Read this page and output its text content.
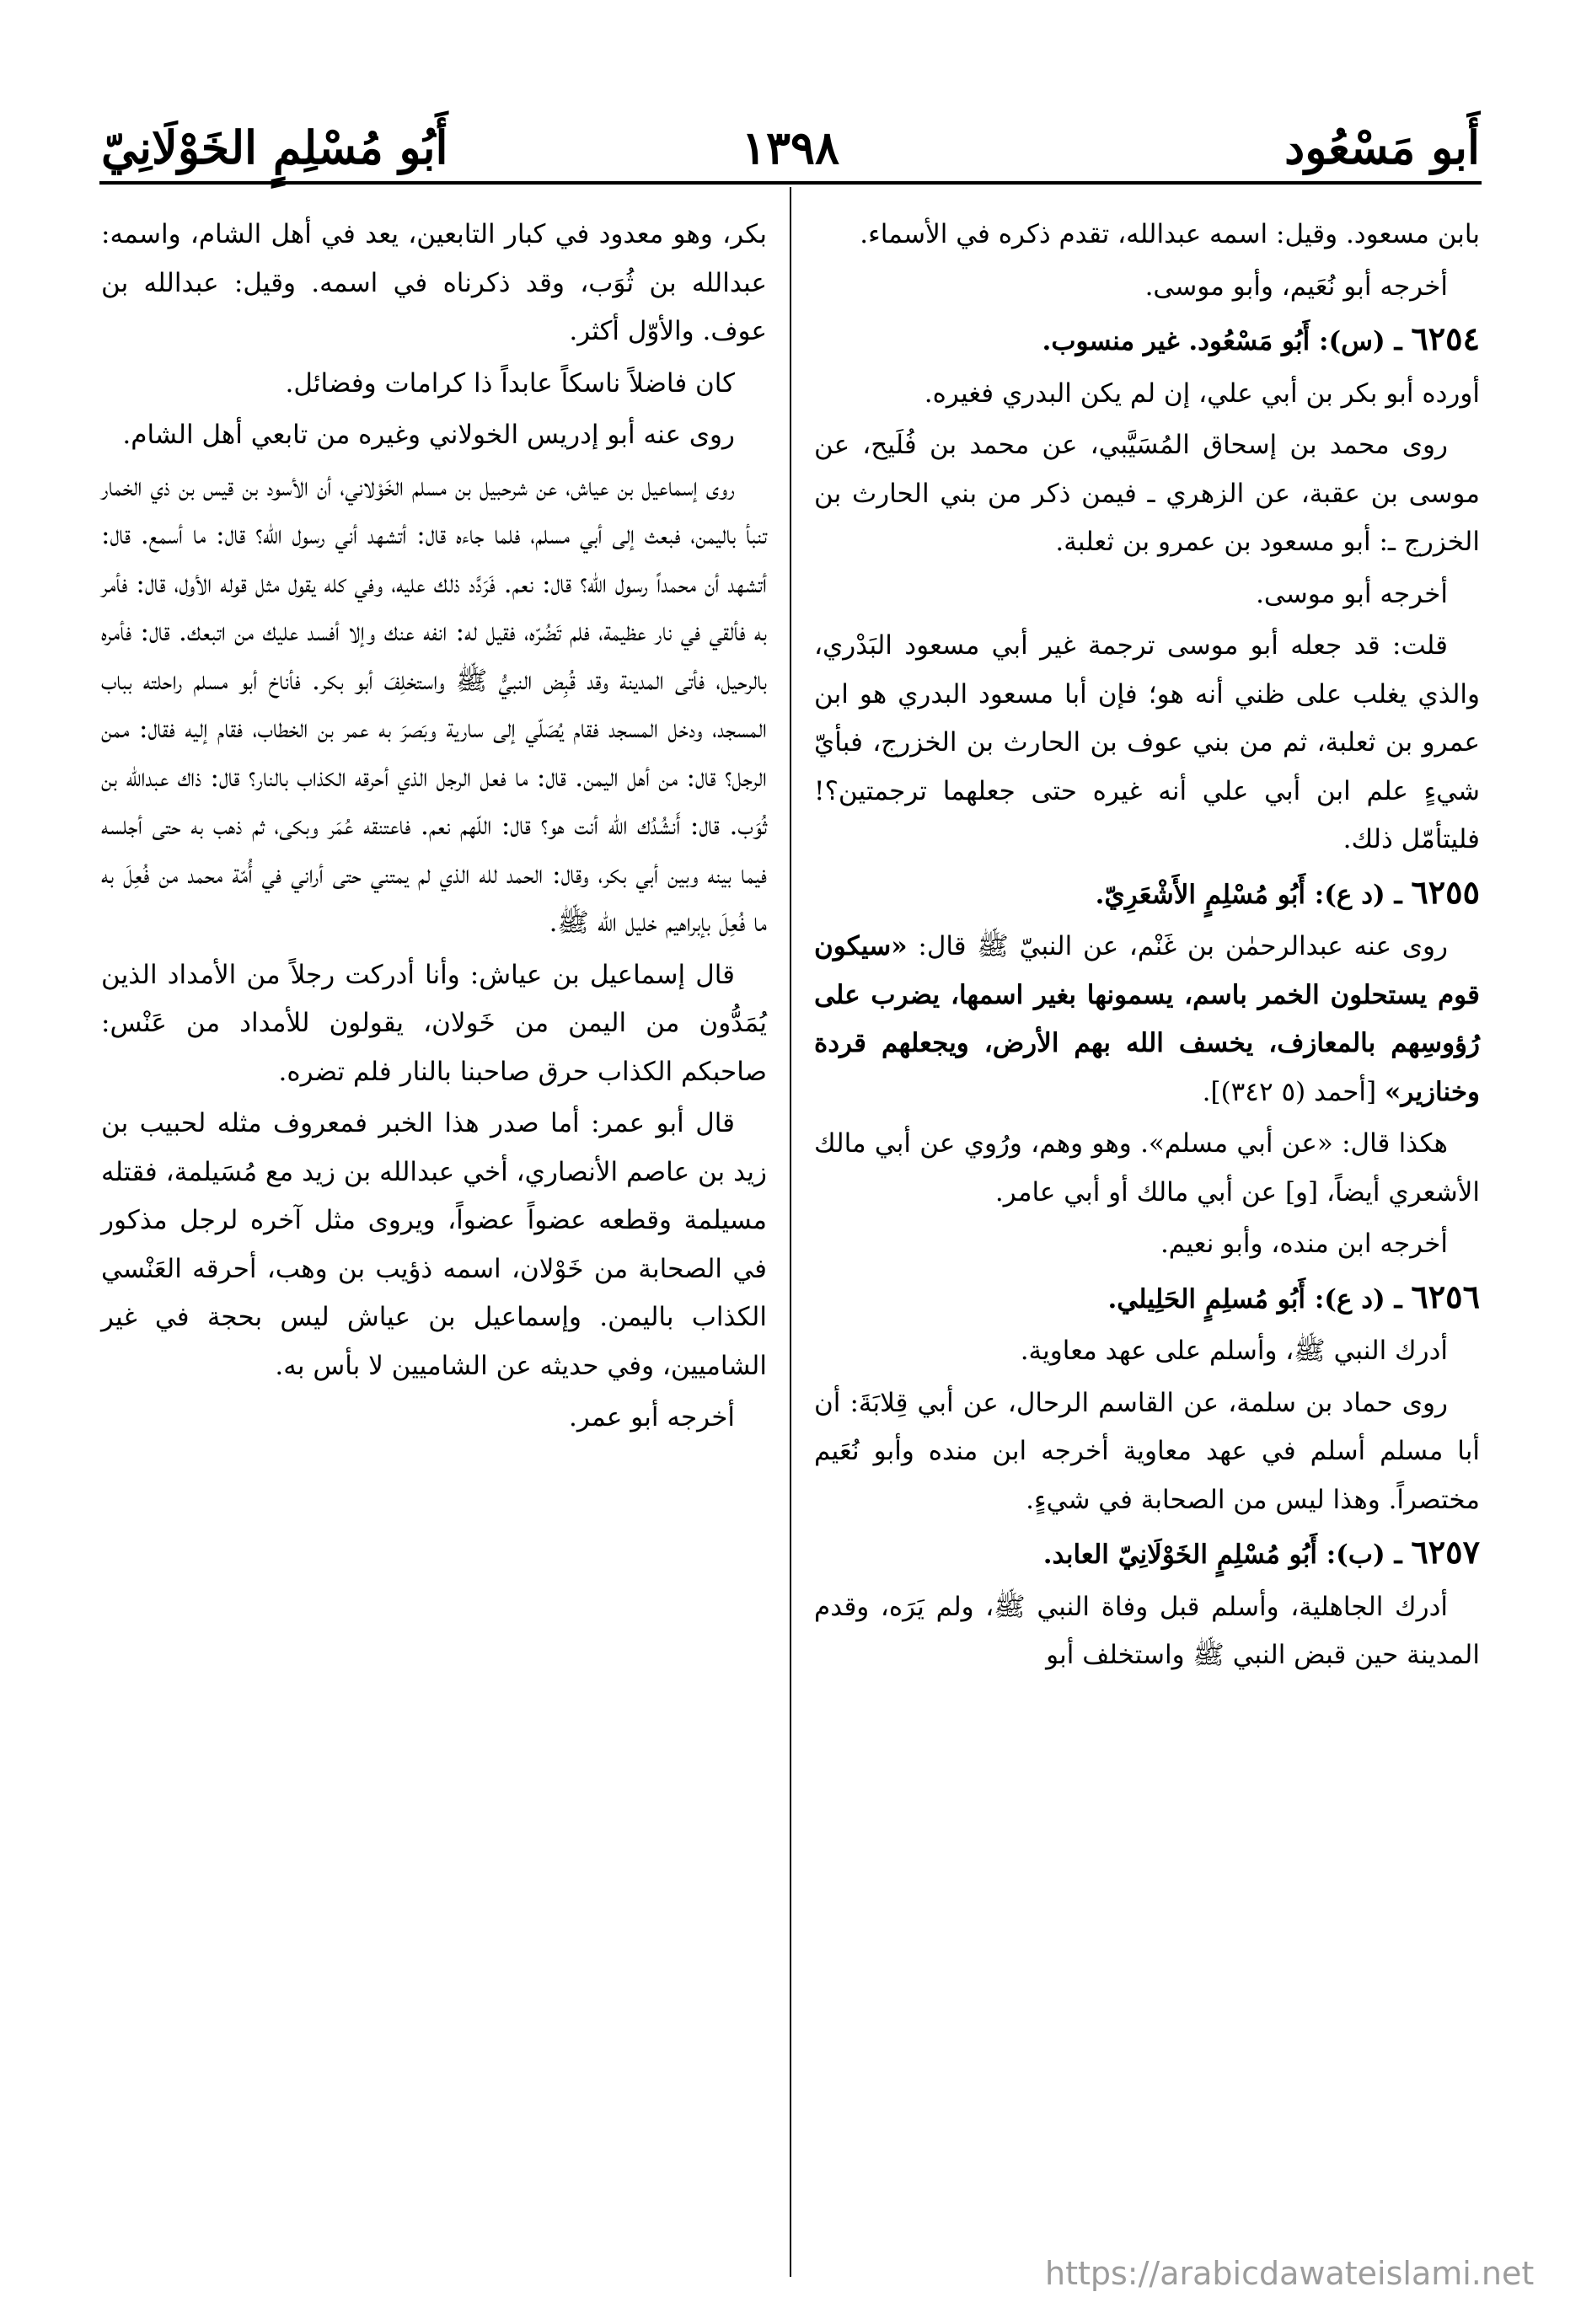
أَبو مَسْعُود
١٣٩٨
أَبُو مُسْلِمٍ الخَوْلَانِيّ

بابن مسعود. وقيل: اسمه عبدالله، تقدم ذكره في الأسماء.

أخرجه أبو نُعَيم، وأبو موسى.

٦٢٥٤ ـ (س): أَبُو مَسْعُود. غير منسوب.

أورده أبو بكر بن أبي علي، إن لم يكن البدري فغيره.

روى محمد بن إسحاق المُسَيَّبي، عن محمد بن فُلَيح، عن موسى بن عقبة، عن الزهري ـ فيمن ذكر من بني الحارث بن الخزرج ـ: أبو مسعود بن عمرو بن ثعلبة.

أخرجه أبو موسى.

قلت: قد جعله أبو موسى ترجمة غير أبي مسعود البَدْري، والذي يغلب على ظني أنه هو؛ فإن أبا مسعود البدري هو ابن عمرو بن ثعلبة، ثم من بني عوف بن الحارث بن الخزرج، فبأيّ شيءٍ علم ابن أبي علي أنه غيره حتى جعلهما ترجمتين؟! فليتأمّل ذلك.

٦٢٥٥ ـ (د ع): أَبُو مُسْلِمٍ الأَشْعَرِيّ.

روى عنه عبدالرحمٰن بن غَنْم، عن النبيّ ﷺ قال: «سيكون قوم يستحلون الخمر باسم، يسمونها بغير اسمها، يضرب على رُؤوسِهم بالمعازف، يخسف الله بهم الأرض، ويجعلهم قردة وخنازير» [أحمد (٥ ٣٤٢)].

هكذا قال: «عن أبي مسلم». وهو وهم، ورُوي عن أبي مالك الأشعري أيضاً، [و] عن أبي مالك أو أبي عامر.

أخرجه ابن منده، وأبو نعيم.

٦٢٥٦ ـ (د ع): أَبُو مُسلِمٍ الحَلِيلي.

أدرك النبي ﷺ، وأسلم على عهد معاوية.

روى حماد بن سلمة، عن القاسم الرحال، عن أبي قِلابَةَ: أن أبا مسلم أسلم في عهد معاوية أخرجه ابن منده وأبو نُعَيم مختصراً. وهذا ليس من الصحابة في شيءٍ.

٦٢٥٧ ـ (ب): أَبُو مُسْلِمٍ الخَوْلَانِيّ العابد.

أدرك الجاهلية، وأسلم قبل وفاة النبي ﷺ، ولم يَرَه، وقدم المدينة حين قبض النبي ﷺ واستخلف أبو

بكر، وهو معدود في كبار التابعين، يعد في أهل الشام، واسمه: عبدالله بن ثُوَب، وقد ذكرناه في اسمه. وقيل: عبدالله بن عوف. والأوّل أكثر.

كان فاضلاً ناسكاً عابداً ذا كرامات وفضائل.

روى عنه أبو إدريس الخولاني وغيره من تابعي أهل الشام.

روى إسماعيل بن عياش، عن شرحبيل بن مسلم الخَوْلاني، أن الأسود بن قيس بن ذي الخمار تنبأ باليمن، فبعث إلى أبي مسلم، فلما جاءه قال: أتشهد أني رسول الله؟ قال: ما أسمع. قال: أتشهد أن محمداً رسول الله؟ قال: نعم. فَرَدَّد ذلك عليه، وفي كله يقول مثل قوله الأول، قال: فأمر به فألقي في نار عظيمة، فلم تَضُرّه، فقيل له: انفه عنك وإلا أفسد عليك من اتبعك. قال: فأمره بالرحيل، فأتى المدينة وقد قُبِض النبيُّ ﷺ واستخلِفَ أبو بكر. فأناخ أبو مسلم راحلته بباب المسجد، ودخل المسجد فقام يُصَلّي إلى سارية وبَصرَ به عمر بن الخطاب، فقام إليه فقال: ممن الرجل؟ قال: من أهل اليمن. قال: ما فعل الرجل الذي أحرقه الكذاب بالنار؟ قال: ذاك عبدالله بن ثُوَب. قال: أَنشُدُك الله أنت هو؟ قال: اللّهم نعم. فاعتنقه عُمَر وبكى، ثم ذهب به حتى أجلسه فيما بينه وبين أبي بكر، وقال: الحمد لله الذي لم يمتني حتى أراني في أُمّة محمد من فُعِلَ به ما فُعِلَ بإبراهيم خليل الله ﷺ.

قال إسماعيل بن عياش: وأنا أدركت رجلاً من الأمداد الذين يُمَدُّون من اليمن من خَولان، يقولون للأمداد من عَنْس: صاحبكم الكذاب حرق صاحبنا بالنار فلم تضره.

قال أبو عمر: أما صدر هذا الخبر فمعروف مثله لحبيب بن زيد بن عاصم الأنصاري، أخي عبدالله بن زيد مع مُسَيلمة، فقتله مسيلمة وقطعه عضواً عضواً، ويروى مثل آخره لرجل مذكور في الصحابة من خَوْلان، اسمه ذؤيب بن وهب، أحرقه العَنْسي الكذاب باليمن. وإسماعيل بن عياش ليس بحجة في غير الشاميين، وفي حديثه عن الشاميين لا بأس به.

أخرجه أبو عمر.

https://arabicdawateislami.net
